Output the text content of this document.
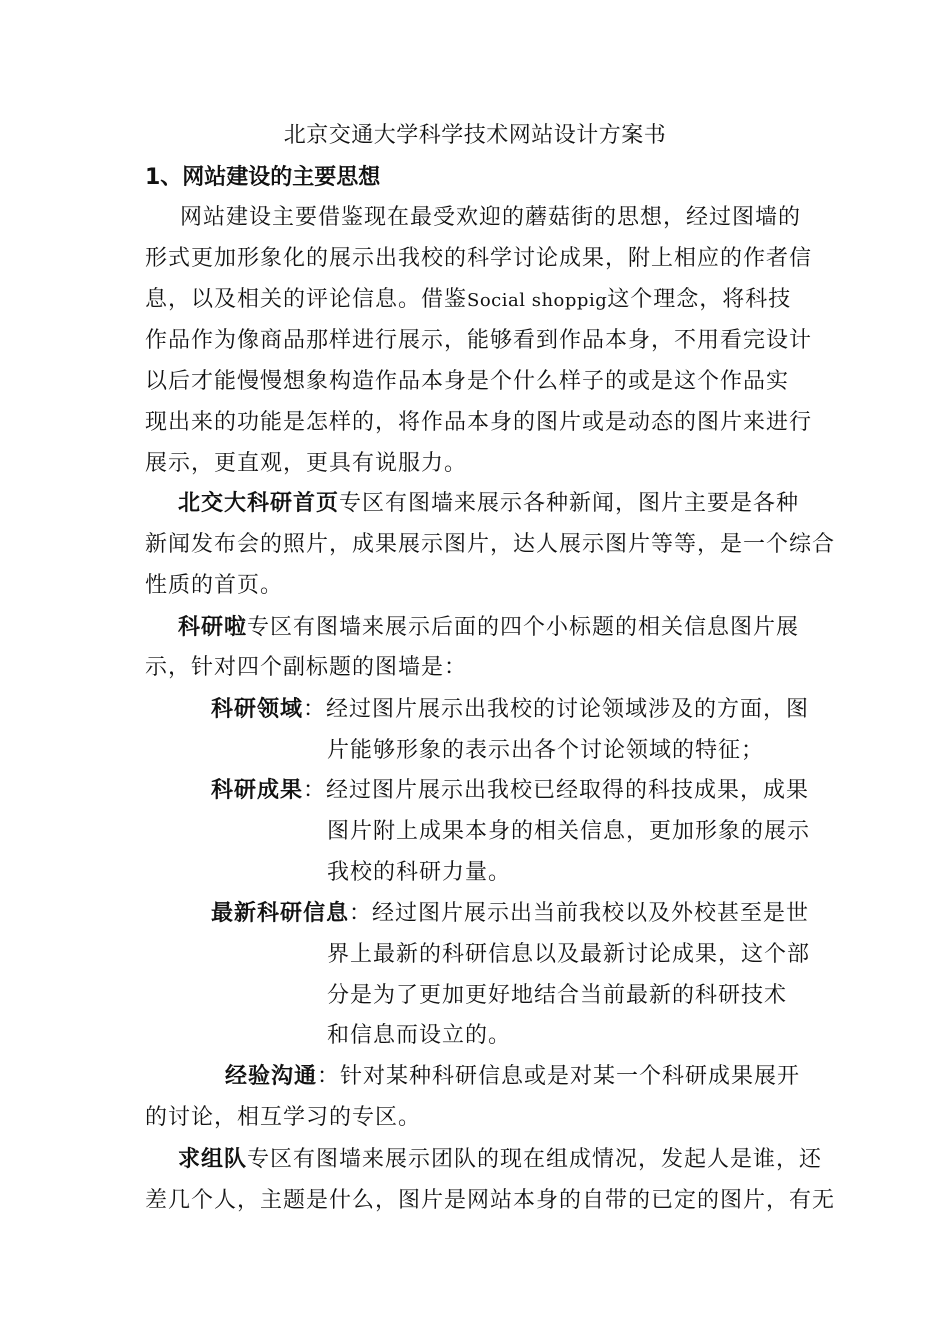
北京交通大学科学技术网站设计方案书
1、网站建设的主要思想
网站建设主要借鉴现在最受欢迎的蘑菇街的思想，经过图墙的
形式更加形象化的展示出我校的科学讨论成果，附上相应的作者信
息，以及相关的评论信息。借鉴Social shoppig这个理念，将科技
作品作为像商品那样进行展示，能够看到作品本身，不用看完设计
以后才能慢慢想象构造作品本身是个什么样子的或是这个作品实
现出来的功能是怎样的，将作品本身的图片或是动态的图片来进行
展示，更直观，更具有说服力。
北交大科研首页专区有图墙来展示各种新闻，图片主要是各种
新闻发布会的照片，成果展示图片，达人展示图片等等，是一个综合
性质的首页。
科研啦专区有图墙来展示后面的四个小标题的相关信息图片展
示，针对四个副标题的图墙是：
科研领域：经过图片展示出我校的讨论领域涉及的方面，图
片能够形象的表示出各个讨论领域的特征；
科研成果：经过图片展示出我校已经取得的科技成果，成果
图片附上成果本身的相关信息，更加形象的展示
我校的科研力量。
最新科研信息：经过图片展示出当前我校以及外校甚至是世
界上最新的科研信息以及最新讨论成果，这个部
分是为了更加更好地结合当前最新的科研技术
和信息而设立的。
经验沟通：针对某种科研信息或是对某一个科研成果展开
的讨论，相互学习的专区。
求组队专区有图墙来展示团队的现在组成情况，发起人是谁，还
差几个人，主题是什么，图片是网站本身的自带的已定的图片，有无
